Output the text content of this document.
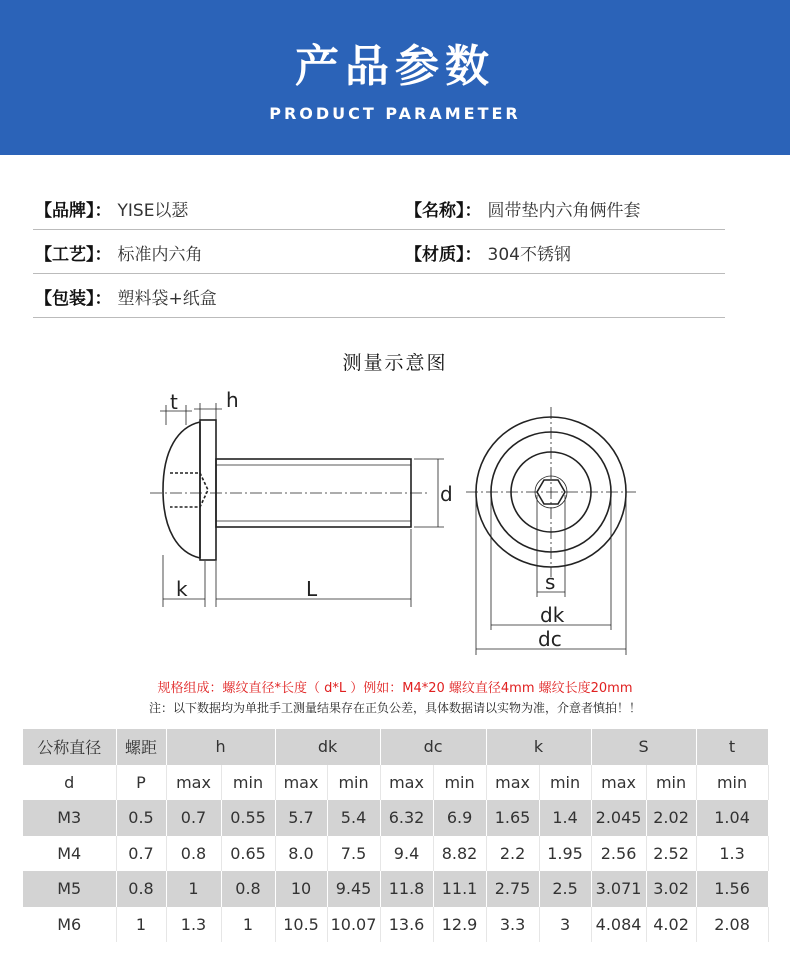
产品参数
PRODUCT PARAMETER
【品牌】： YISE以瑟	【名称】： 圆带垫内六角俩件套
【工艺】： 标准内六角	【材质】： 304不锈钢
【包装】： 塑料袋+纸盒
测量示意图
t h
d
k	L	s
dk
dc
规格组成：螺纹直径*长度（ d*L ）例如：M4*20 螺纹直径4mm 螺纹长度20mm
注：以下数据均为单批手工测量结果存在正负公差，具体数据请以实物为准，介意者慎拍！！
公称直径	螺距	h		dk		dc		k		S		t
d	P	max	min	max	min	max	min	max	min	max	min	min
M3	0.5	0.7	0.55	5.7	5.4	6.32	6.9	1.65	1.4	2.045	2.02	1.04
M4	0.7	0.8	0.65	8.0	7.5	9.4	8.82	2.2	1.95	2.56	2.52	1.3
M5	0.8	1	0.8	10	9.45	11.8	11.1	2.75	2.5	3.071	3.02	1.56
M6	1	1.3	1	10.5	10.07	13.6	12.9	3.3	3	4.084	4.02	2.08
